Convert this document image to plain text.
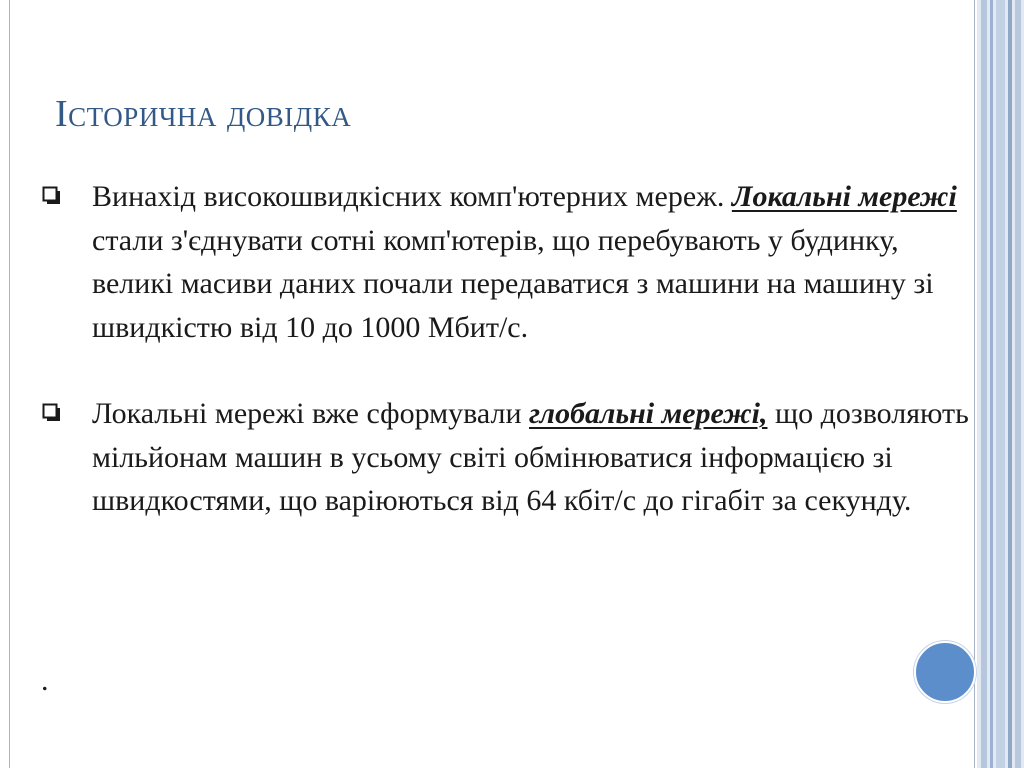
Історична довідка
Винахід високошвидкісних комп'ютерних мереж. Локальні мережі стали з'єднувати сотні комп'ютерів, що перебувають у будинку, великі масиви даних почали передаватися з машини на машину зі швидкістю від 10 до 1000 Мбит/с.
Локальні мережі вже сформували глобальні мережі, що дозволяють мільйонам машин в усьому світі обмінюватися інформацією зі швидкостями, що варіюються від 64 кбіт/с до гігабіт за секунду.
.
